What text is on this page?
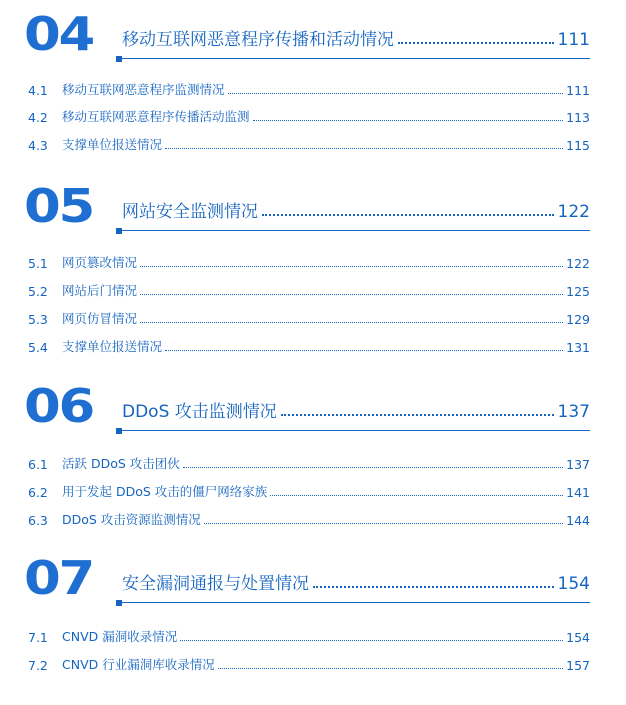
04 移动互联网恶意程序传播和活动情况	111
4.1	移动互联网恶意程序监测情况	111
4.2	移动互联网恶意程序传播活动监测	113
4.3	支撑单位报送情况	115
05 网站安全监测情况	122
5.1	网页篡改情况	122
5.2	网站后门情况	125
5.3	网页仿冒情况	129
5.4	支撑单位报送情况	131
06 DDoS 攻击监测情况	137
6.1	活跃 DDoS 攻击团伙	137
6.2	用于发起 DDoS 攻击的僵尸网络家族	141
6.3	DDoS 攻击资源监测情况	144
07 安全漏洞通报与处置情况	154
7.1	CNVD 漏洞收录情况	154
7.2	CNVD 行业漏洞库收录情况	157
